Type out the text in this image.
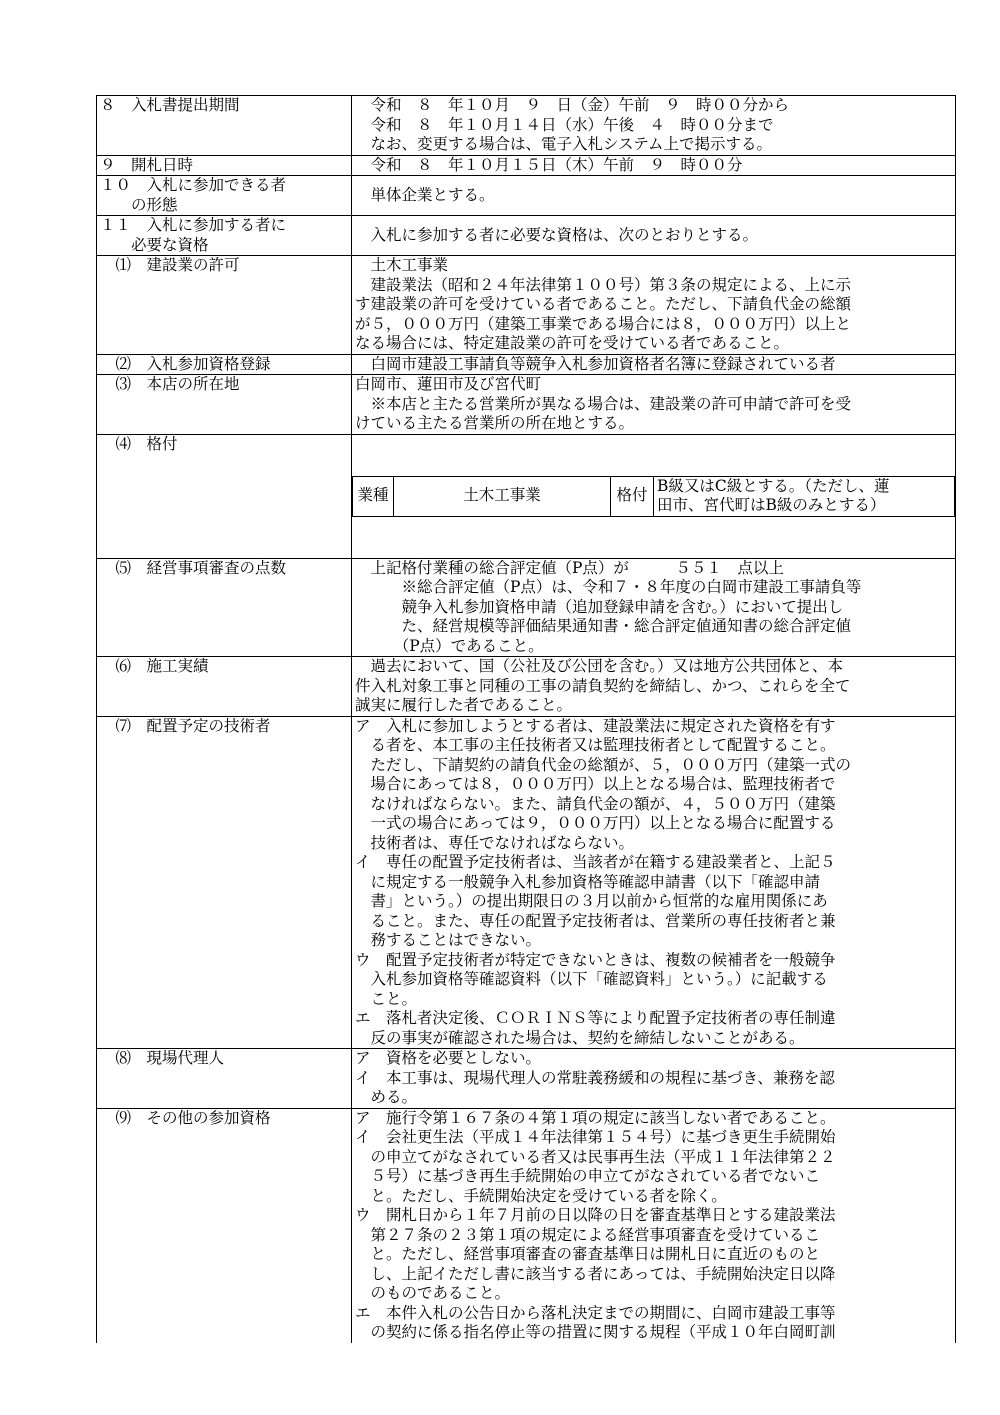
８　入札書提出期間	　令和　８　年１０月　９　日（金）午前　９　時００分から
　令和　８　年１０月１４日（水）午後　４　時００分まで
　なお、変更する場合は、電子入札システム上で掲示する。
９　開札日時	　令和　８　年１０月１５日（木）午前　９　時００分
１０　入札に参加できる者
　　の形態	　単体企業とする。
１１　入札に参加する者に
　　必要な資格	　入札に参加する者に必要な資格は、次のとおりとする。
　⑴　建設業の許可	　土木工事業
　建設業法（昭和２４年法律第１００号）第３条の規定による、上に示
す建設業の許可を受けている者であること。ただし、下請負代金の総額
が５，０００万円（建築工事業である場合には８，０００万円）以上と
なる場合には、特定建設業の許可を受けている者であること。
　⑵　入札参加資格登録	　白岡市建設工事請負等競争入札参加資格者名簿に登録されている者
　⑶　本店の所在地	白岡市、蓮田市及び宮代町
　※本店と主たる営業所が異なる場合は、建設業の許可申請で許可を受
けている主たる営業所の所在地とする。
　⑷　格付	

業種	土木工事業	格付	B級又はC級とする。（ただし、蓮
田市、宮代町はB級のみとする）

　⑸　経営事項審査の点数	　上記格付業種の総合評定値（P点）が　　　５５１　点以上
　　　※総合評定値（P点）は、令和７・８年度の白岡市建設工事請負等
　　　競争入札参加資格申請（追加登録申請を含む。）において提出し
　　　た、経営規模等評価結果通知書・総合評定値通知書の総合評定値
　　　（P点）であること。
　⑹　施工実績	　過去において、国（公社及び公団を含む。）又は地方公共団体と、本
件入札対象工事と同種の工事の請負契約を締結し、かつ、これらを全て
誠実に履行した者であること。
　⑺　配置予定の技術者	ア　入札に参加しようとする者は、建設業法に規定された資格を有す
　る者を、本工事の主任技術者又は監理技術者として配置すること。
　ただし、下請契約の請負代金の総額が、５，０００万円（建築一式の
　場合にあっては８，０００万円）以上となる場合は、監理技術者で
　なければならない。また、請負代金の額が、４，５００万円（建築
　一式の場合にあっては９，０００万円）以上となる場合に配置する
　技術者は、専任でなければならない。
イ　専任の配置予定技術者は、当該者が在籍する建設業者と、上記５
　に規定する一般競争入札参加資格等確認申請書（以下「確認申請
　書」という。）の提出期限日の３月以前から恒常的な雇用関係にあ
　ること。また、専任の配置予定技術者は、営業所の専任技術者と兼
　務することはできない。
ウ　配置予定技術者が特定できないときは、複数の候補者を一般競争
　入札参加資格等確認資料（以下「確認資料」という。）に記載する
　こと。
エ　落札者決定後、ＣＯＲＩＮＳ等により配置予定技術者の専任制違
　反の事実が確認された場合は、契約を締結しないことがある。
　⑻　現場代理人	ア　資格を必要としない。
イ　本工事は、現場代理人の常駐義務緩和の規程に基づき、兼務を認
　める。
　⑼　その他の参加資格	ア　施行令第１６７条の４第１項の規定に該当しない者であること。
イ　会社更生法（平成１４年法律第１５４号）に基づき更生手続開始
　の申立てがなされている者又は民事再生法（平成１１年法律第２２
　５号）に基づき再生手続開始の申立てがなされている者でないこ
　と。ただし、手続開始決定を受けている者を除く。
ウ　開札日から１年７月前の日以降の日を審査基準日とする建設業法
　第２７条の２３第１項の規定による経営事項審査を受けているこ
　と。ただし、経営事項審査の審査基準日は開札日に直近のものと
　し、上記イただし書に該当する者にあっては、手続開始決定日以降
　のものであること。
エ　本件入札の公告日から落札決定までの期間に、白岡市建設工事等
　の契約に係る指名停止等の措置に関する規程（平成１０年白岡町訓
